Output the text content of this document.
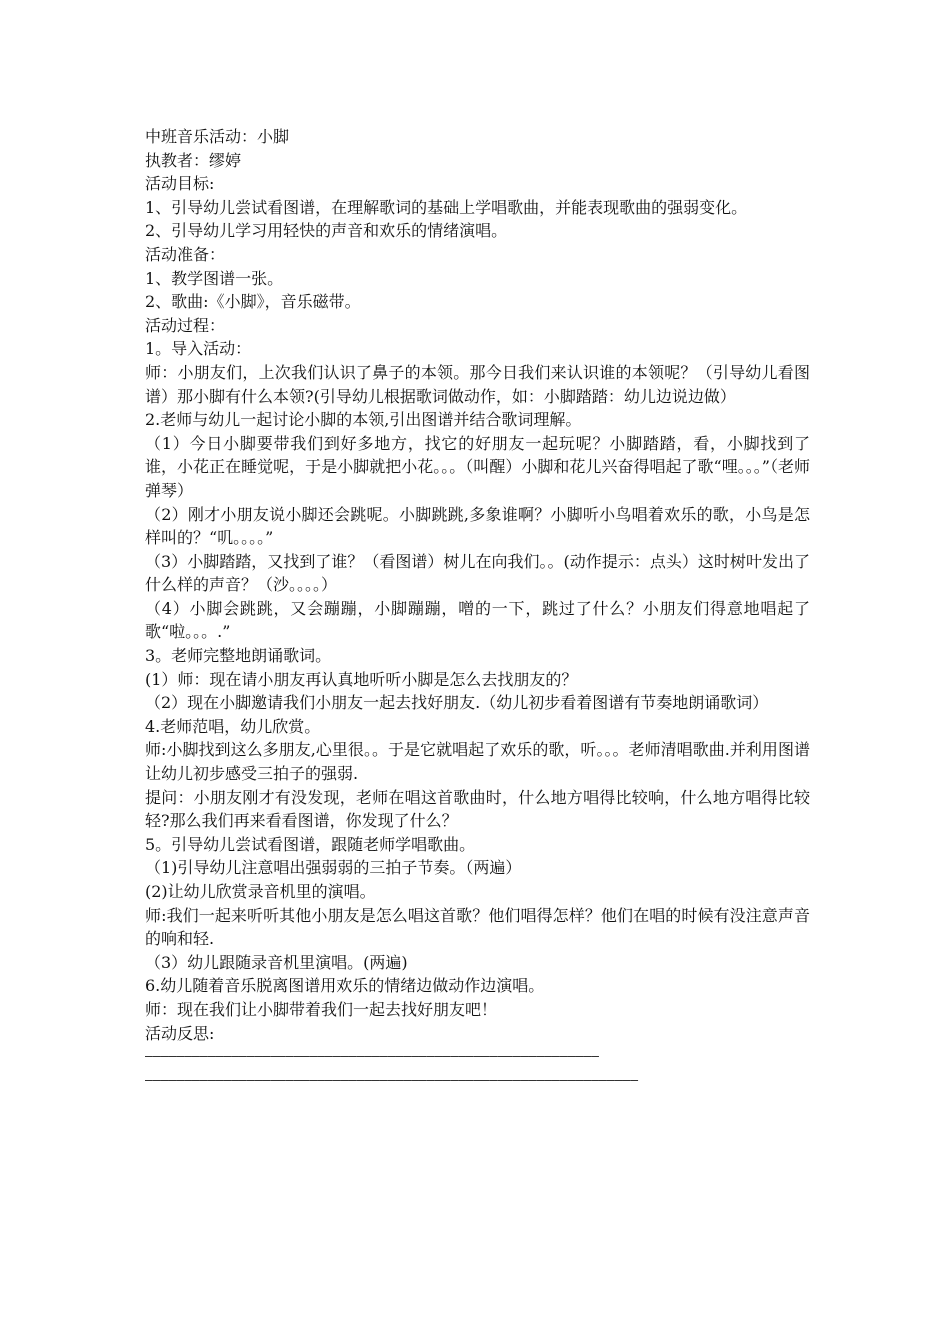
中班音乐活动：小脚

执教者：缪婷

活动目标:

1、引导幼儿尝试看图谱，在理解歌词的基础上学唱歌曲，并能表现歌曲的强弱变化。

2、引导幼儿学习用轻快的声音和欢乐的情绪演唱。

活动准备：

1、教学图谱一张。

2、歌曲:《小脚》，音乐磁带。

活动过程：

1。导入活动：

师：小朋友们，上次我们认识了鼻子的本领。那今日我们来认识谁的本领呢？（引导幼儿看图谱）那小脚有什么本领?(引导幼儿根据歌词做动作，如：小脚踏踏：幼儿边说边做）

2.老师与幼儿一起讨论小脚的本领,引出图谱并结合歌词理解。

（1）今日小脚要带我们到好多地方，找它的好朋友一起玩呢？小脚踏踏，看，小脚找到了谁，小花正在睡觉呢，于是小脚就把小花。。。（叫醒）小脚和花儿兴奋得唱起了歌“哩。。。”（老师弹琴）

（2）刚才小朋友说小脚还会跳呢。小脚跳跳,多象谁啊？小脚听小鸟唱着欢乐的歌，小鸟是怎样叫的？“叽。。。。”

（3）小脚踏踏，又找到了谁？（看图谱）树儿在向我们。。(动作提示：点头）这时树叶发出了什么样的声音？（沙。。。。）

（4）小脚会跳跳，又会蹦蹦，小脚蹦蹦，噌的一下，跳过了什么？小朋友们得意地唱起了歌“啦。。。.”

3。老师完整地朗诵歌词。

(1）师：现在请小朋友再认真地听听小脚是怎么去找朋友的？

（2）现在小脚邀请我们小朋友一起去找好朋友.（幼儿初步看着图谱有节奏地朗诵歌词）

4.老师范唱，幼儿欣赏。

师:小脚找到这么多朋友,心里很。。于是它就唱起了欢乐的歌，听。。。老师清唱歌曲.并利用图谱让幼儿初步感受三拍子的强弱.

提问：小朋友刚才有没发现，老师在唱这首歌曲时，什么地方唱得比较响，什么地方唱得比较轻?那么我们再来看看图谱，你发现了什么？

5。引导幼儿尝试看图谱，跟随老师学唱歌曲。

（1)引导幼儿注意唱出强弱弱的三拍子节奏。（两遍）

(2)让幼儿欣赏录音机里的演唱。

师:我们一起来听听其他小朋友是怎么唱这首歌？他们唱得怎样？他们在唱的时候有没注意声音的响和轻.

（3）幼儿跟随录音机里演唱。(两遍)

6.幼儿随着音乐脱离图谱用欢乐的情绪边做动作边演唱。

师：现在我们让小脚带着我们一起去找好朋友吧！

活动反思:

——————————————————————————————————————————————————————————
———————————————————————————————————————————————————————————————
